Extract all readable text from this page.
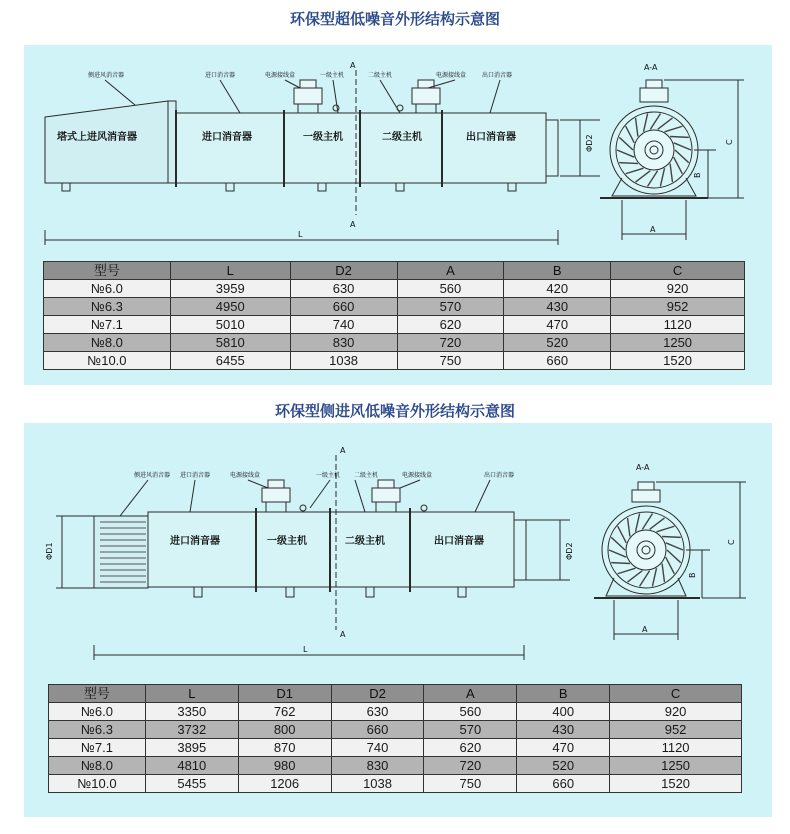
环保型超低噪音外形结构示意图
塔式上进风消音器	进口消音器	一级主机	二级主机	出口消音器
侧进风消音器	进口消音器	电源接线盒	一级主机	二级主机	电源接线盒	出口消音器
A
A
ΦD2
L
A-A
A
B
C
型号	L	D2	A	B	C
№6.0	3959	630	560	420	920
№6.3	4950	660	570	430	952
№7.1	5010	740	620	470	1120
№8.0	5810	830	720	520	1250
№10.0	6455	1038	750	660	1520
环保型侧进风低噪音外形结构示意图
进口消音器	一级主机	二级主机	出口消音器
侧进风消音器 进口消音器	电源接线盒	一级主机 二级主机	电源接线盒	出口消音器
A
A
L
ΦD1	ΦD2
A-A
A
B
C
型号	L	D1	D2	A	B	C
№6.0	3350	762	630	560	400	920
№6.3	3732	800	660	570	430	952
№7.1	3895	870	740	620	470	1120
№8.0	4810	980	830	720	520	1250
№10.0	5455	1206	1038	750	660	1520
